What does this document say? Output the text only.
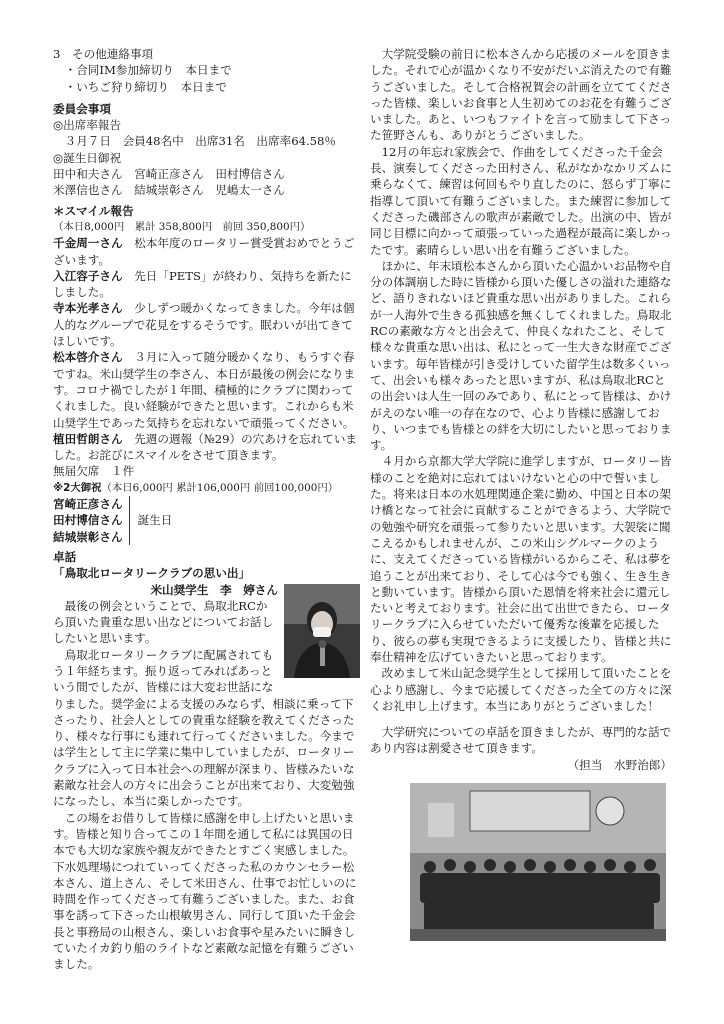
3　その他連絡事項

・合同IM参加締切り　本日まで

・いちご狩り締切り　本日まで

委員会事項

◎出席率報告

３月７日　会員48名中　出席31名　出席率64.58％

◎誕生日御祝

田中和夫さん　宮崎正彦さん　田村博信さん

米澤信也さん　結城崇彰さん　児嶋太一さん

＊スマイル報告

（本日8,000円　累計 358,800円　前回 350,800円）

千金周一さん　 松本年度のロータリー賞受賞おめでとうございます。

入江容子さん　 先日「PETS」が終わり、気持ちを新たにしました。

寺本光孝さん　 少しずつ暖かくなってきました。今年は個人的なグループで花見をするそうです。眠わいが出てきてほしいです。

松本啓介さん　 ３月に入って随分暖かくなり、もうすぐ春ですね。米山奨学生の李さん、本日が最後の例会になります。コロナ禍でしたが１年間、積極的にクラブに関わってくれました。良い経験ができたと思います。これからも米山奨学生であった気持ちを忘れないで頑張ってください。

植田哲朗さん　 先週の週報（№29）の穴あけを忘れていました。お詫びにスマイルをさせて頂きます。

無届欠席　１件

※2大御祝（本日6,000円 累計106,000円 前回100,000円）

宮崎正彦さん

田村博信さん

結城崇彰さん

誕生日

卓話

「鳥取北ロータリークラブの思い出」

米山奨学生　李　婷さん

最後の例会ということで、鳥取北RCから頂いた貴重な思い出などについてお話ししたいと思います。

鳥取北ロータリークラブに配属されてもう１年経ちます。振り返ってみればあっという間でしたが、皆様には大変お世話になりました。奨学金による支援のみならず、相談に乗って下さったり、社会人としての貴重な経験を教えてくださったり、様々な行事にも連れて行ってくださいました。今までは学生として主に学業に集中していましたが、ロータリークラブに入って日本社会への理解が深まり、皆様みたいな素敵な社会人の方々に出会うことが出来ており、大変勉強になったし、本当に楽しかったです。

この場をお借りして皆様に感謝を申し上げたいと思います。皆様と知り合ってこの１年間を通して私には異国の日本でも大切な家族や親友ができたとすごく実感しました。下水処理場につれていってくださった私のカウンセラー松本さん、道上さん、そして米田さん、仕事でお忙しいのに時間を作ってくださって有難うございました。また、お食事を誘って下さった山根敏男さん、同行して頂いた千金会長と事務局の山根さん、楽しいお食事や星みたいに瞬きしていたイカ釣り船のライトなど素敵な記憶を有難うございました。

大学院受験の前日に松本さんから応援のメールを頂きました。それで心が温かくなり不安がだいぶ消えたので有難うございました。そして合格祝賀会の計画を立ててくださった皆様、楽しいお食事と人生初めてのお花を有難うございました。あと、いつもファイトを言って励まして下さった笹野さんも、ありがとうございました。

12月の年忘れ家族会で、作曲をしてくださった千金会長、演奏してくださった田村さん、私がなかなかリズムに乗らなくて、練習は何回もやり直したのに、怒らず丁寧に指導して頂いて有難うございました。また練習に参加してくださった磯部さんの歌声が素敵でした。出演の中、皆が同じ目標に向かって頑張っていった過程が最高に楽しかったです。素晴らしい思い出を有難うございました。

ほかに、年末頃松本さんから頂いた心温かいお品物や自分の体調崩した時に皆様から頂いた優しさの溢れた連絡など、語りきれないほど貴重な思い出がありました。これらが一人海外で生きる孤独感を無くしてくれました。鳥取北RCの素敵な方々と出会えて、仲良くなれたこと、そして様々な貴重な思い出は、私にとって一生大きな財産でございます。毎年皆様が引き受けしていた留学生は数多くいって、出会いも様々あったと思いますが、私は鳥取北RCとの出会いは人生一回のみであり、私にとって皆様は、かけがえのない唯一の存在なので、心より皆様に感謝しており、いつまでも皆様との絆を大切にしたいと思っております。

４月から京都大学大学院に進学しますが、ロータリー皆様のことを絶対に忘れてはいけないと心の中で誓いました。将来は日本の水処理関連企業に勤め、中国と日本の架け橋となって社会に貢献することができるよう、大学院での勉強や研究を頑張って参りたいと思います。大袈裟に聞こえるかもしれませんが、この米山シグルマークのように、支えてくださっている皆様がいるからこそ、私は夢を追うことが出来ており、そして心は今でも強く、生き生きと動いています。皆様から頂いた恩情を将来社会に還元したいと考えております。社会に出て出世できたら、ロータリークラブに入らせていただいて優秀な後輩を応援したり、彼らの夢も実現できるように支援したり、皆様と共に奉仕精神を広げていきたいと思っております。

改めまして米山記念奨学生として採用して頂いたことを心より感謝し、今まで応援してくださった全ての方々に深くお礼申し上げます。本当にありがとうございました！

大学研究についての卓話を頂きましたが、専門的な話であり内容は割愛させて頂きます。

（担当　水野治郎）
